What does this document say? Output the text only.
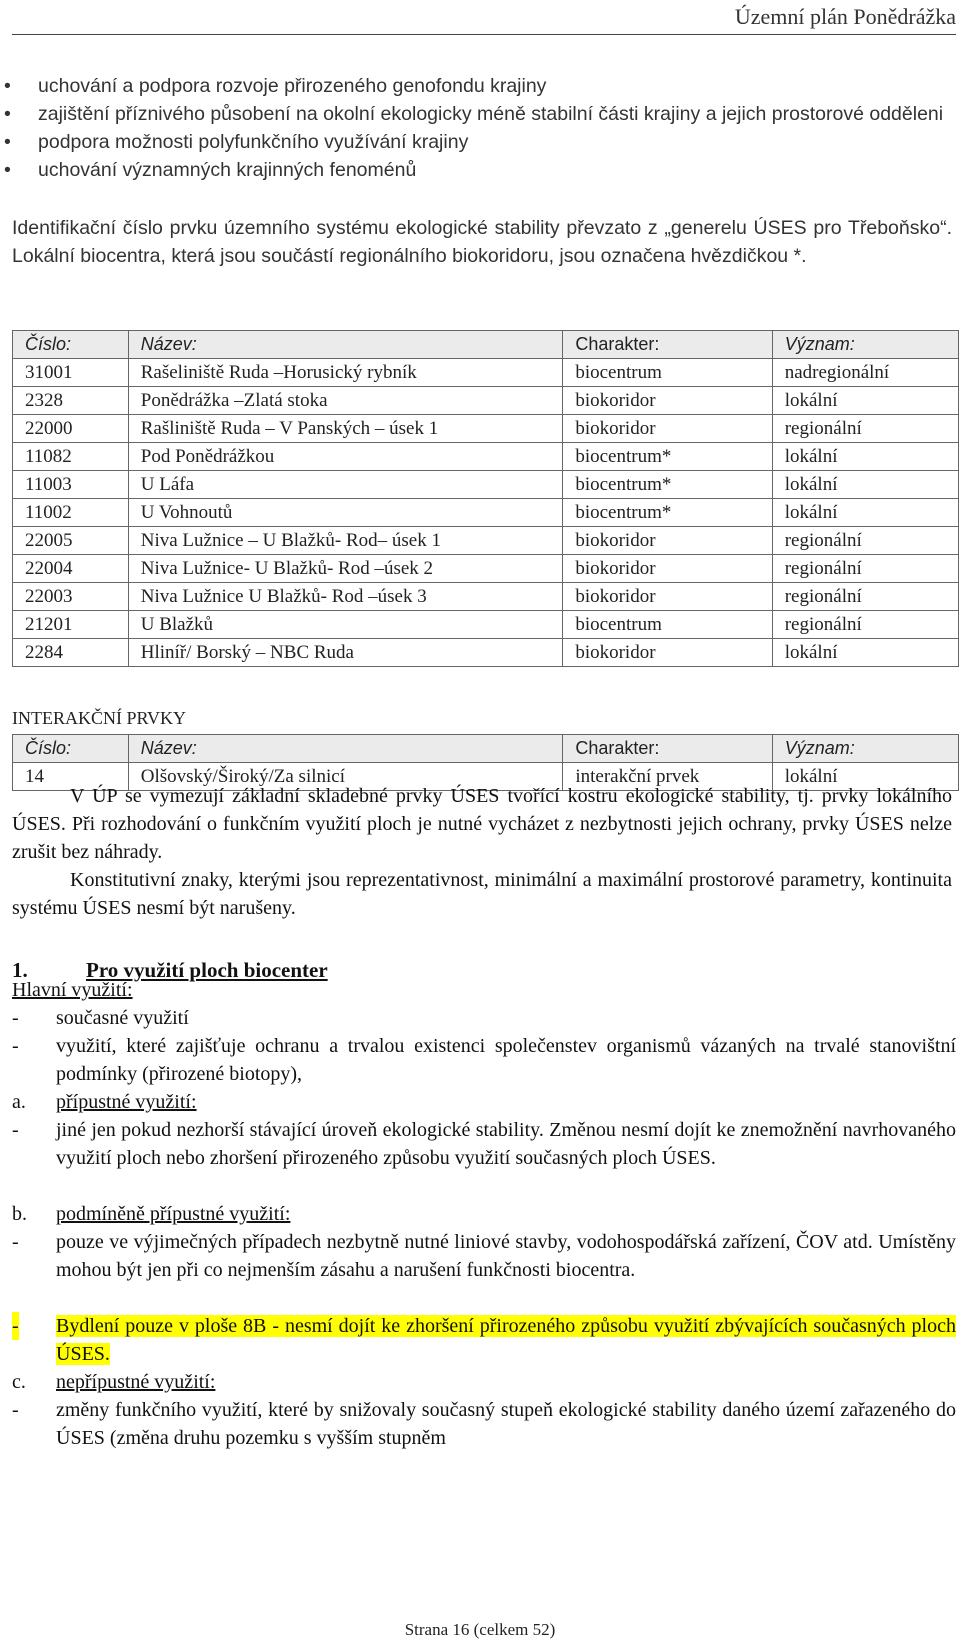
Územní plán Ponědrážka
• uchování a podpora rozvoje přirozeného genofondu krajiny
• zajištění příznivého působení na okolní ekologicky méně stabilní části krajiny a jejich prostorové odděleni
• podpora možnosti polyfunkčního využívání krajiny
• uchování významných krajinných fenoménů
Identifikační číslo prvku územního systému ekologické stability převzato z „generelu ÚSES pro Třeboňsko“. Lokální biocentra, která jsou součástí regionálního biokoridoru, jsou označena hvězdičkou *.
Číslo:	Název:	Charakter:	Význam:
31001	Rašeliniště Ruda –Horusický rybník	biocentrum	nadregionální
2328	Ponědrážka –Zlatá stoka	biokoridor	lokální
22000	Rašliniště Ruda – V Panských – úsek 1	biokoridor	regionální
11082	Pod Ponědrážkou	biocentrum*	lokální
11003	U Láfa	biocentrum*	lokální
11002	U Vohnoutů	biocentrum*	lokální
22005	Niva Lužnice – U Blažků- Rod– úsek 1	biokoridor	regionální
22004	Niva Lužnice- U Blažků- Rod –úsek 2	biokoridor	regionální
22003	Niva Lužnice U Blažků- Rod –úsek 3	biokoridor	regionální
21201	U Blažků	biocentrum	regionální
2284	Hliníř/ Borský – NBC Ruda	biokoridor	lokální
INTERAKČNÍ PRVKY
Číslo:	Název:	Charakter:	Význam:
14	Olšovský/Široký/Za silnicí	interakční prvek	lokální
V ÚP se vymezují základní skladebné prvky ÚSES tvořící kostru ekologické stability, tj. prvky lokálního ÚSES. Při rozhodování o funkčním využití ploch je nutné vycházet z nezbytnosti jejich ochrany, prvky ÚSES nelze zrušit bez náhrady.
Konstitutivní znaky, kterými jsou reprezentativnost, minimální a maximální prostorové parametry, kontinuita systému ÚSES nesmí být narušeny.
1.	Pro využití ploch biocenter
Hlavní využití:
- současné využití
- využití, které zajišťuje ochranu a trvalou existenci společenstev organismů vázaných na trvalé stanovištní podmínky (přirozené biotopy),
a. přípustné využití:
- jiné jen pokud nezhorší stávající úroveň ekologické stability. Změnou nesmí dojít ke znemožnění navrhovaného využití ploch nebo zhoršení přirozeného způsobu využití současných ploch ÚSES.
b. podmíněně přípustné využití:
- pouze ve výjimečných případech nezbytně nutné liniové stavby, vodohospodářská zařízení, ČOV atd. Umístěny mohou být jen při co nejmenším zásahu a narušení funkčnosti biocentra.
- Bydlení pouze v ploše 8B - nesmí dojít ke zhoršení přirozeného způsobu využití zbývajících současných ploch ÚSES.
c. nepřípustné využití:
- změny funkčního využití, které by snižovaly současný stupeň ekologické stability daného území zařazeného do ÚSES (změna druhu pozemku s vyšším stupněm
Strana 16 (celkem 52)
